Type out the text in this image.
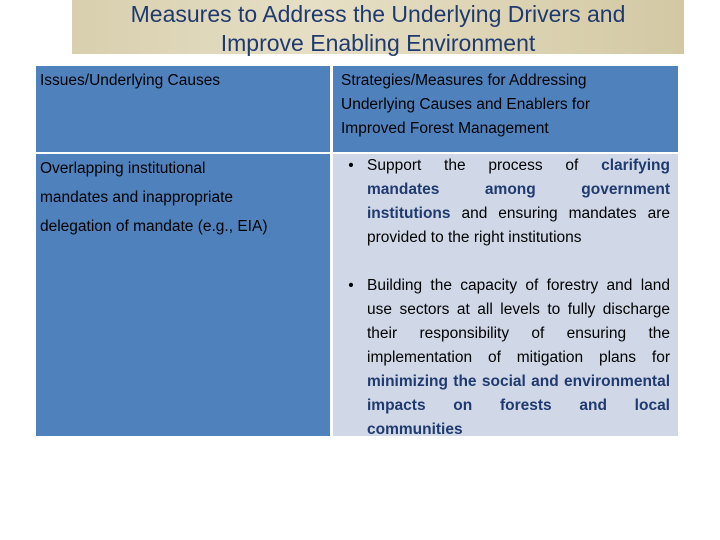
Measures to Address the Underlying Drivers and
Improve Enabling Environment
Issues/Underlying Causes	Strategies/Measures for Addressing
Underlying Causes and Enablers for
Improved Forest Management
Overlapping institutional
mandates and inappropriate
delegation of mandate (e.g., EIA)
• Support the process of clarifying mandates among government institutions and ensuring mandates are provided to the right institutions
• Building the capacity of forestry and land use sectors at all levels to fully discharge their responsibility of ensuring the implementation of mitigation plans for minimizing the social and environmental impacts on forests and local communities
